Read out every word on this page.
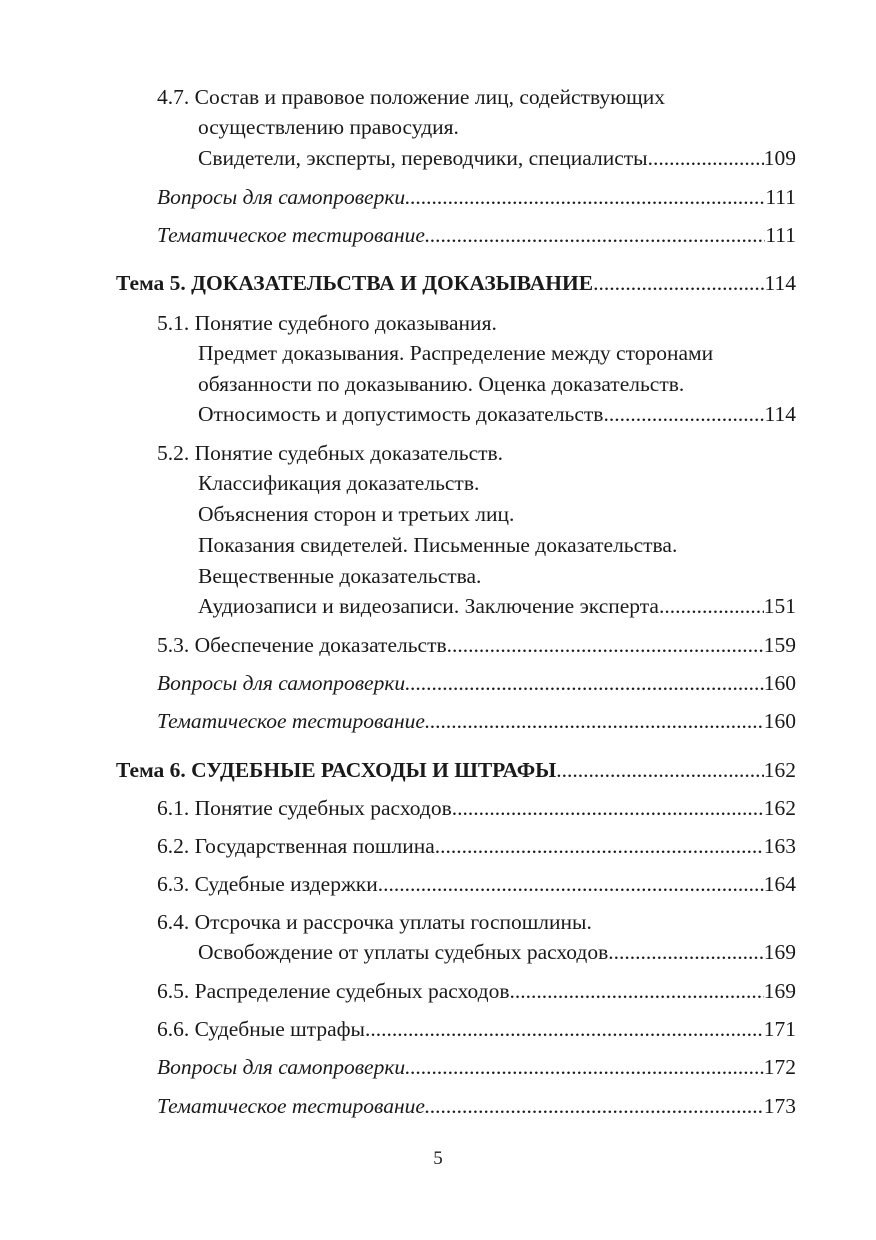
4.7. Состав и правовое положение лиц, содействующих
осуществлению правосудия.
Свидетели, эксперты, переводчики, специалисты .....	109
Вопросы для самопроверки .....	111
Тематическое тестирование .....	111
Тема 5. ДОКАЗАТЕЛЬСТВА И ДОКАЗЫВАНИЕ .....	114
5.1. Понятие судебного доказывания.
Предмет доказывания. Распределение между сторонами
обязанности по доказыванию. Оценка доказательств.
Относимость и допустимость доказательств .....	114
5.2. Понятие судебных доказательств.
Классификация доказательств.
Объяснения сторон и третьих лиц.
Показания свидетелей. Письменные доказательства.
Вещественные доказательства.
Аудиозаписи и видеозаписи. Заключение эксперта .....	151
5.3. Обеспечение доказательств .....	159
Вопросы для самопроверки .....	160
Тематическое тестирование .....	160
Тема 6. СУДЕБНЫЕ РАСХОДЫ И ШТРАФЫ .....	162
6.1. Понятие судебных расходов .....	162
6.2. Государственная пошлина .....	163
6.3. Судебные издержки .....	164
6.4. Отсрочка и рассрочка уплаты госпошлины.
Освобождение от уплаты судебных расходов .....	169
6.5. Распределение судебных расходов .....	169
6.6. Судебные штрафы .....	171
Вопросы для самопроверки .....	172
Тематическое тестирование .....	173
5
